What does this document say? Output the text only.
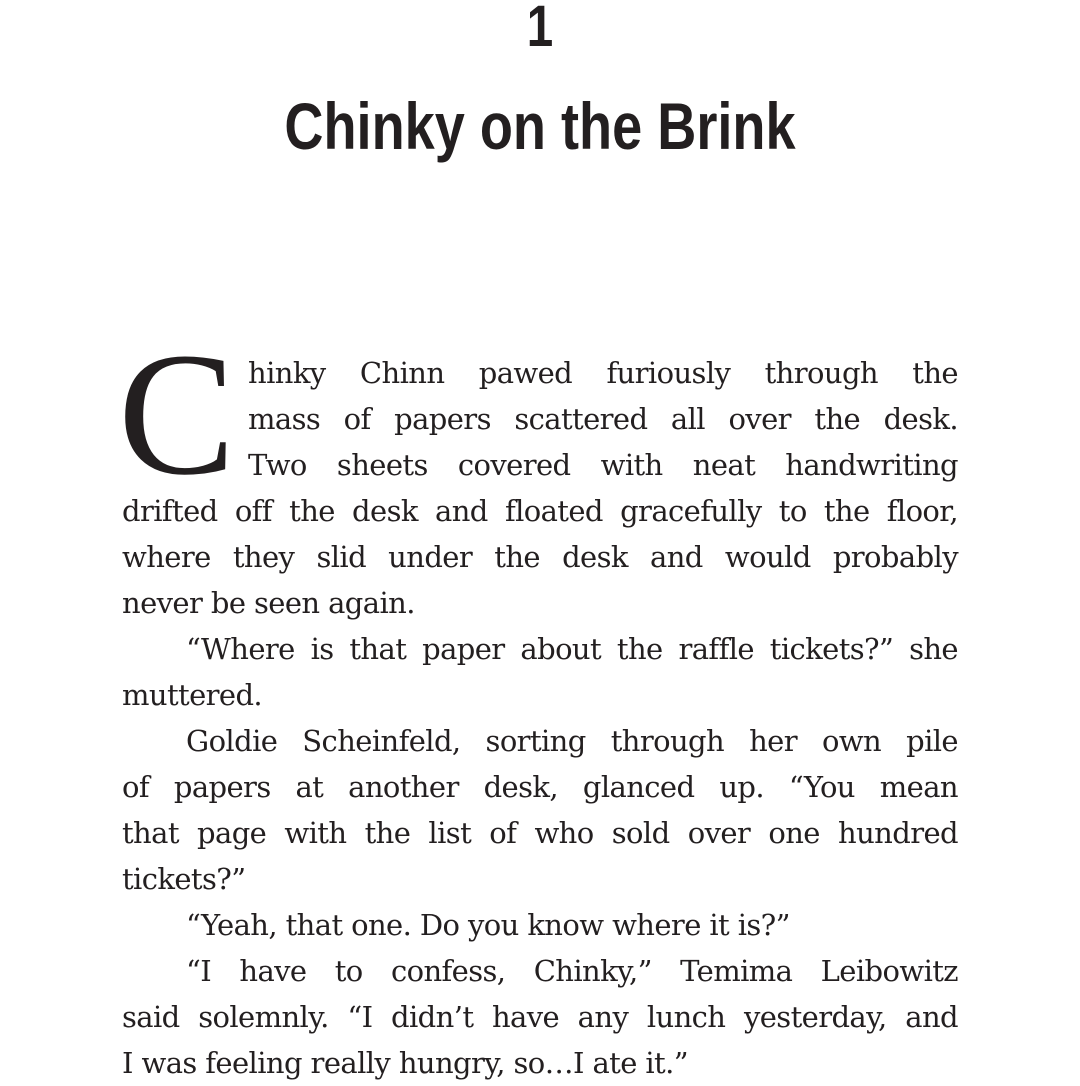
1
Chinky on the Brink
C hinky Chinn pawed furiously through the
mass of papers scattered all over the desk.
Two sheets covered with neat handwriting
drifted off the desk and floated gracefully to the floor,
where they slid under the desk and would probably
never be seen again.
“Where is that paper about the raffle tickets?” she
muttered.
Goldie Scheinfeld, sorting through her own pile
of papers at another desk, glanced up. “You mean
that page with the list of who sold over one hundred
tickets?”
“Yeah, that one. Do you know where it is?”
“I have to confess, Chinky,” Temima Leibowitz
said solemnly. “I didn’t have any lunch yesterday, and
I was feeling really hungry, so…I ate it.”
